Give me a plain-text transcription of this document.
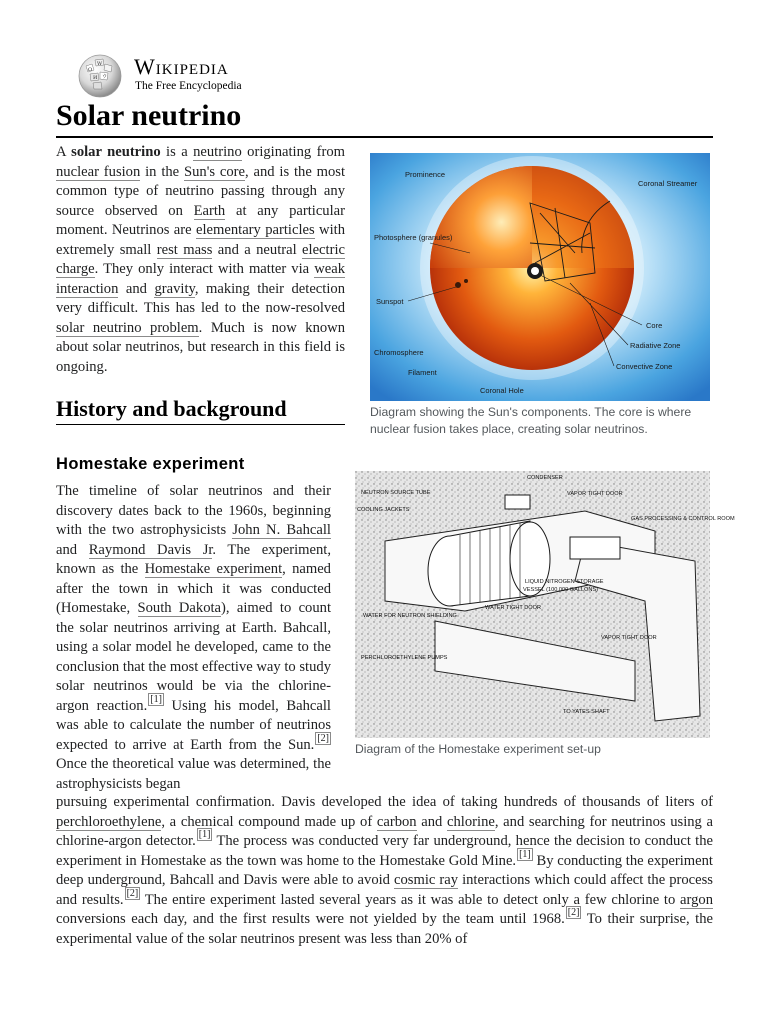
Ω
W
И ウ Wikipedia
The Free Encyclopedia
Solar neutrino

A solar neutrino is a neutrino originating from nuclear fusion in the Sun's core, and is the most common type of neutrino passing through any source observed on Earth at any particular moment. Neutrinos are elementary particles with extremely small rest mass and a neutral electric charge. They only interact with matter via weak interaction and gravity, making their detection very difficult. This has led to the now-resolved solar neutrino problem. Much is now known about solar neutrinos, but research in this field is ongoing.

Prominence
Coronal Streamer
Photosphere (granules)
Sunspot
Chromosphere
Filament
Coronal Hole
Core
Radiative Zone
Convective Zone
Diagram showing the Sun's components. The core is where nuclear fusion takes place, creating solar neutrinos.
History and background
Homestake experiment

The timeline of solar neutrinos and their discovery dates back to the 1960s, beginning with the two astrophysicists John N. Bahcall and Raymond Davis Jr. The experiment, known as the Homestake experiment, named after the town in which it was conducted (Homestake, South Dakota), aimed to count the solar neutrinos arriving at Earth. Bahcall, using a solar model he developed, came to the conclusion that the most effective way to study solar neutrinos would be via the chlorine-argon reaction. [1] Using his model, Bahcall was able to calculate the number of neutrinos expected to arrive at Earth from the Sun. [2] Once the theoretical value was determined, the astrophysicists began

CONDENSER
NEUTRON SOURCE TUBE	VAPOR TIGHT DOOR
COOLING JACKETS
GAS PROCESSING & CONTROL ROOM
LIQUID NITROGEN STORAGE
VESSEL (100,000 GALLONS)
WATER TIGHT DOOR
WATER FOR NEUTRON SHIELDING
VAPOR TIGHT DOOR
PERCHLOROETHYLENE PUMPS
TO YATES SHAFT
Diagram of the Homestake experiment set-up

pursuing experimental confirmation. Davis developed the idea of taking hundreds of thousands of liters of perchloroethylene, a chemical compound made up of carbon and chlorine, and searching for neutrinos using a chlorine-argon detector. [1] The process was conducted very far underground, hence the decision to conduct the experiment in Homestake as the town was home to the Homestake Gold Mine. [1] By conducting the experiment deep underground, Bahcall and Davis were able to avoid cosmic ray interactions which could affect the process and results. [2] The entire experiment lasted several years as it was able to detect only a few chlorine to argon conversions each day, and the first results were not yielded by the team until 1968. [2] To their surprise, the experimental value of the solar neutrinos present was less than 20% of
